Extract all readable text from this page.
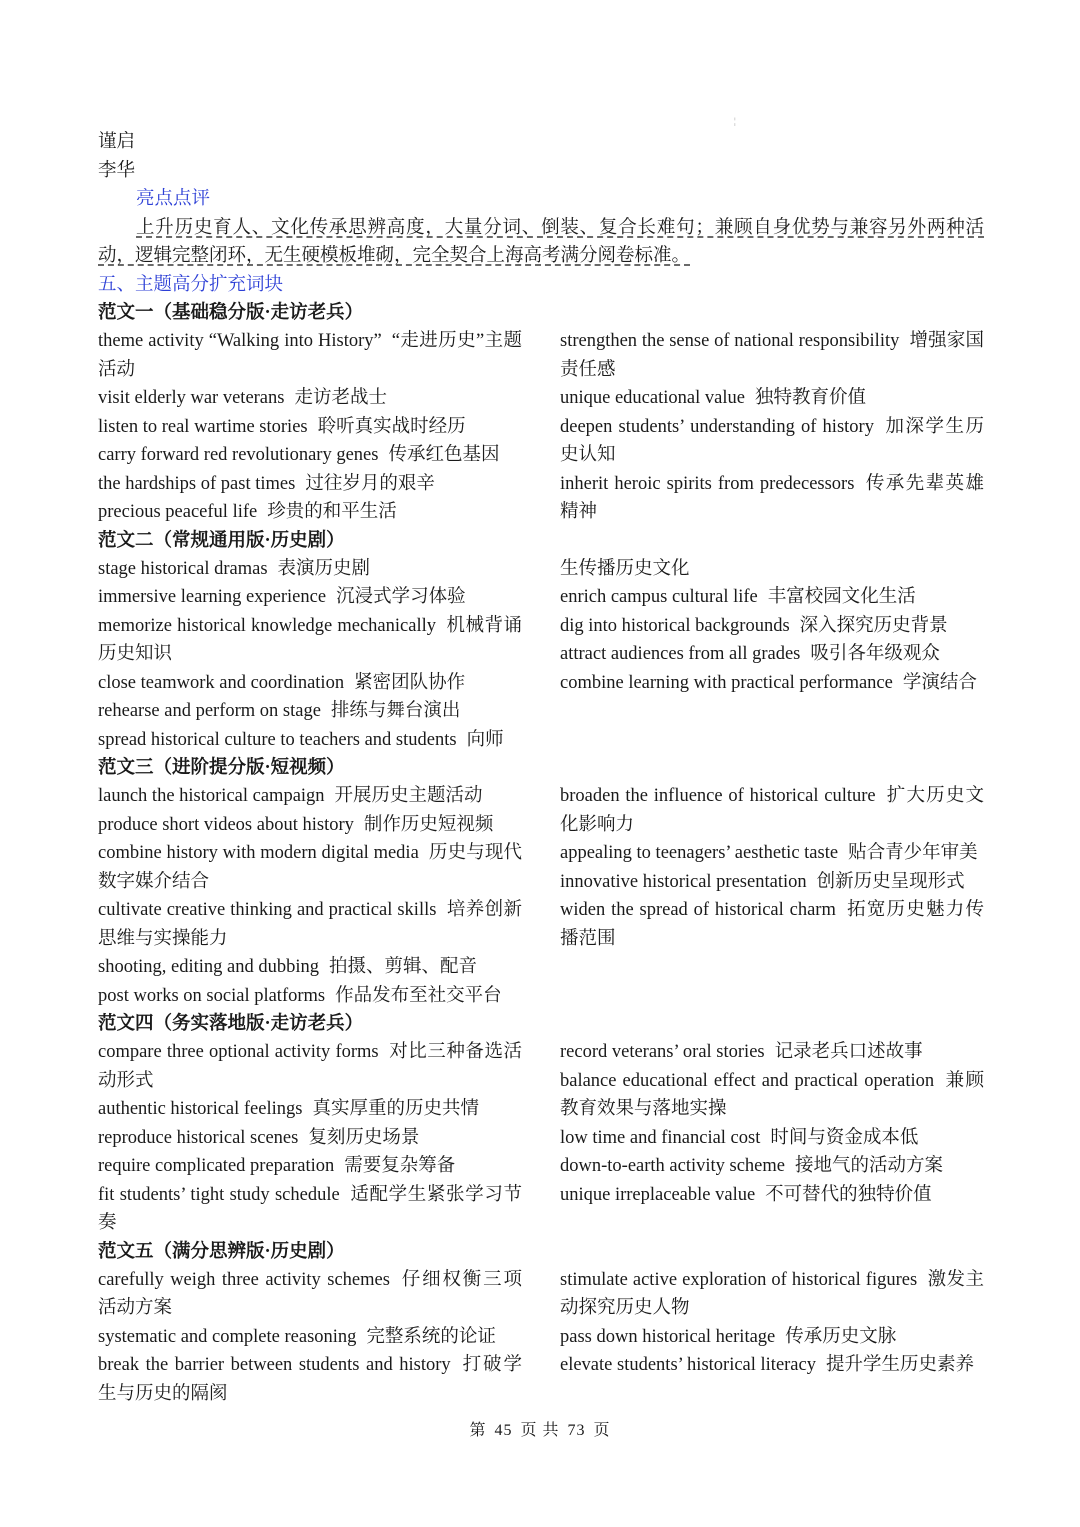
¦
谨启
李华
亮点点评
上升历史育人、文化传承思辨高度，大量分词、倒装、复合长难句；兼顾自身优势与兼容另外两种活动，逻辑完整闭环，无生硬模板堆砌，完全契合上海高考满分阅卷标准。
五、主题高分扩充词块
范文一（基础稳分版·走访老兵）
theme activity “Walking into History” “走进历史”主题活动
visit elderly war veterans 走访老战士
listen to real wartime stories 聆听真实战时经历
carry forward red revolutionary genes 传承红色基因
the hardships of past times 过往岁月的艰辛
precious peaceful life 珍贵的和平生活
strengthen the sense of national responsibility 增强家国责任感
unique educational value 独特教育价值
deepen students’ understanding of history 加深学生历史认知
inherit heroic spirits from predecessors 传承先辈英雄精神
范文二（常规通用版·历史剧）
stage historical dramas 表演历史剧
immersive learning experience 沉浸式学习体验
memorize historical knowledge mechanically 机械背诵历史知识
close teamwork and coordination 紧密团队协作
rehearse and perform on stage 排练与舞台演出
spread historical culture to teachers and students 向师
生传播历史文化
enrich campus cultural life 丰富校园文化生活
dig into historical backgrounds 深入探究历史背景
attract audiences from all grades 吸引各年级观众
combine learning with practical performance 学演结合
范文三（进阶提分版·短视频）
launch the historical campaign 开展历史主题活动
produce short videos about history 制作历史短视频
combine history with modern digital media 历史与现代数字媒介结合
cultivate creative thinking and practical skills 培养创新思维与实操能力
shooting, editing and dubbing 拍摄、剪辑、配音
post works on social platforms 作品发布至社交平台
broaden the influence of historical culture 扩大历史文化影响力
appealing to teenagers’ aesthetic taste 贴合青少年审美
innovative historical presentation 创新历史呈现形式
widen the spread of historical charm 拓宽历史魅力传播范围
范文四（务实落地版·走访老兵）
compare three optional activity forms 对比三种备选活动形式
authentic historical feelings 真实厚重的历史共情
reproduce historical scenes 复刻历史场景
require complicated preparation 需要复杂筹备
fit students’ tight study schedule 适配学生紧张学习节奏
record veterans’ oral stories 记录老兵口述故事
balance educational effect and practical operation 兼顾教育效果与落地实操
low time and financial cost 时间与资金成本低
down-to-earth activity scheme 接地气的活动方案
unique irreplaceable value 不可替代的独特价值
范文五（满分思辨版·历史剧）
carefully weigh three activity schemes 仔细权衡三项活动方案
systematic and complete reasoning 完整系统的论证
break the barrier between students and history 打破学生与历史的隔阂
stimulate active exploration of historical figures 激发主动探究历史人物
pass down historical heritage 传承历史文脉
elevate students’ historical literacy 提升学生历史素养
第 45 页 共 73 页
